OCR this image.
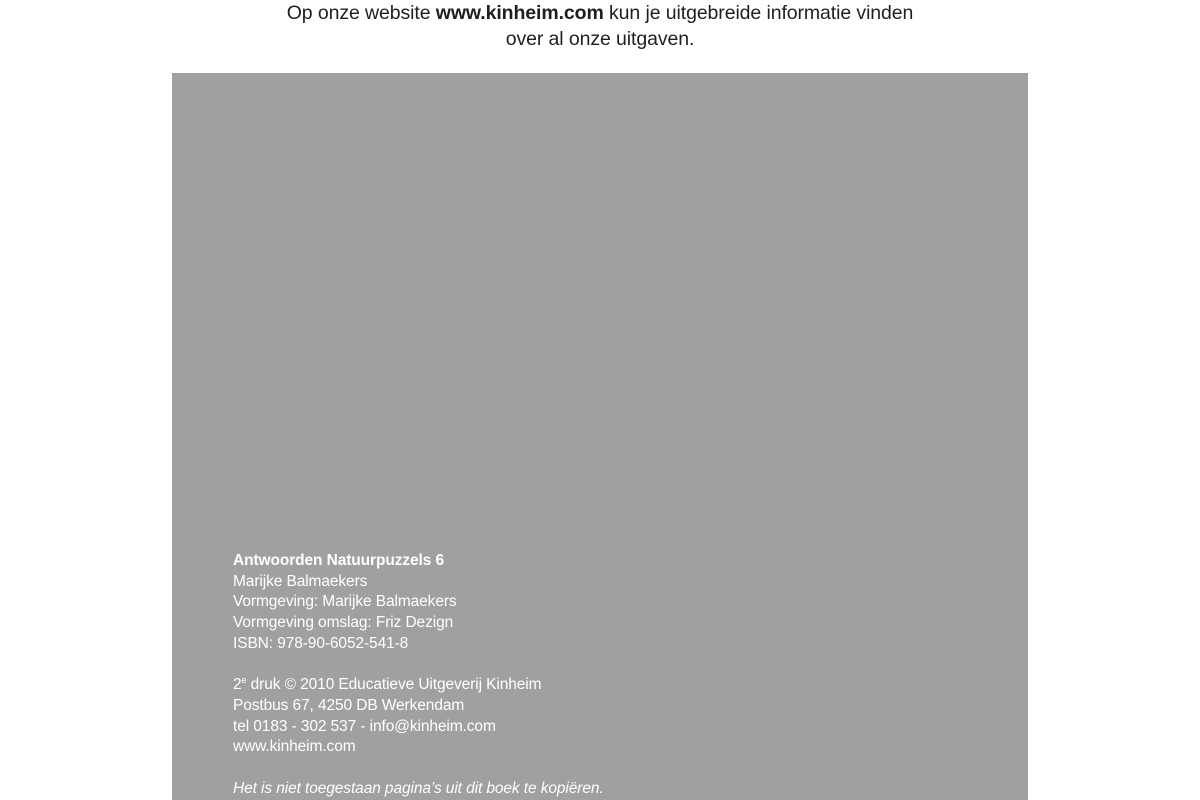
Op onze website www.kinheim.com kun je uitgebreide informatie vinden
over al onze uitgaven.
Antwoorden Natuurpuzzels 6
Marijke Balmaekers
Vormgeving: Marijke Balmaekers
Vormgeving omslag: Friz Dezign
ISBN: 978-90-6052-541-8
2e druk © 2010 Educatieve Uitgeverij Kinheim
Postbus 67, 4250 DB Werkendam
tel 0183 - 302 537 - info@kinheim.com
www.kinheim.com
Het is niet toegestaan pagina’s uit dit boek te kopiëren.
